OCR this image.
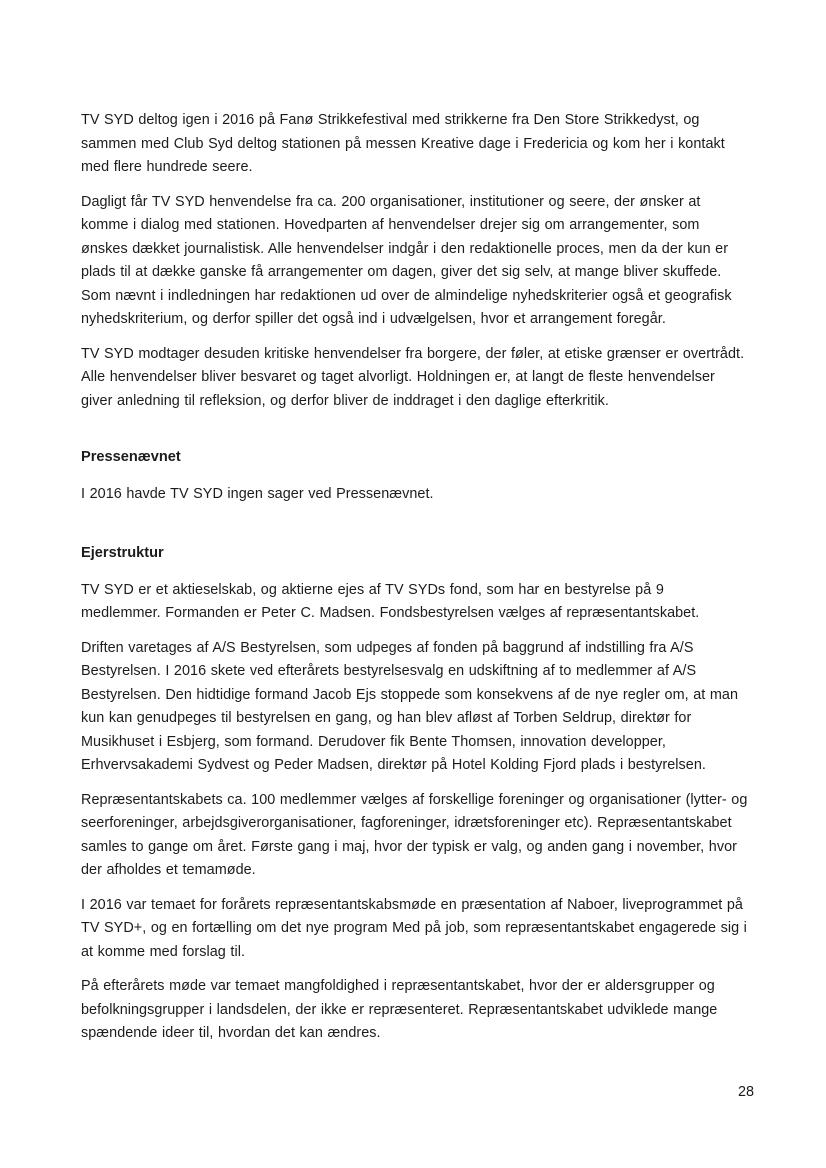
TV SYD deltog igen i 2016 på Fanø Strikkefestival med strikkerne fra Den Store Strikkedyst, og sammen med Club Syd deltog stationen på messen Kreative dage i Fredericia og kom her i kontakt med flere hundrede seere.

Dagligt får TV SYD henvendelse fra ca. 200 organisationer, institutioner og seere, der ønsker at komme i dialog med stationen. Hovedparten af henvendelser drejer sig om arrangementer, som ønskes dækket journalistisk. Alle henvendelser indgår i den redaktionelle proces, men da der kun er plads til at dække ganske få arrangementer om dagen, giver det sig selv, at mange bliver skuffede. Som nævnt i indledningen har redaktionen ud over de almindelige nyhedskriterier også et geografisk nyhedskriterium, og derfor spiller det også ind i udvælgelsen, hvor et arrangement foregår.

TV SYD modtager desuden kritiske henvendelser fra borgere, der føler, at etiske grænser er overtrådt. Alle henvendelser bliver besvaret og taget alvorligt. Holdningen er, at langt de fleste henvendelser giver anledning til refleksion, og derfor bliver de inddraget i den daglige efterkritik.

Pressenævnet

I 2016 havde TV SYD ingen sager ved Pressenævnet.

Ejerstruktur

TV SYD er et aktieselskab, og aktierne ejes af TV SYDs fond, som har en bestyrelse på 9 medlemmer. Formanden er Peter C. Madsen. Fondsbestyrelsen vælges af repræsentantskabet.

Driften varetages af A/S Bestyrelsen, som udpeges af fonden på baggrund af indstilling fra A/S Bestyrelsen. I 2016 skete ved efterårets bestyrelsesvalg en udskiftning af to medlemmer af A/S Bestyrelsen. Den hidtidige formand Jacob Ejs stoppede som konsekvens af de nye regler om, at man kun kan genudpeges til bestyrelsen en gang, og han blev afløst af Torben Seldrup, direktør for Musikhuset i Esbjerg, som formand. Derudover fik Bente Thomsen, innovation developper, Erhvervsakademi Sydvest og Peder Madsen, direktør på Hotel Kolding Fjord plads i bestyrelsen.

Repræsentantskabets ca. 100 medlemmer vælges af forskellige foreninger og organisationer (lytter- og seerforeninger, arbejdsgiverorganisationer, fagforeninger, idrætsforeninger etc). Repræsentantskabet samles to gange om året. Første gang i maj, hvor der typisk er valg, og anden gang i november, hvor der afholdes et temamøde.

I 2016 var temaet for forårets repræsentantskabsmøde en præsentation af Naboer, liveprogrammet på TV SYD+, og en fortælling om det nye program Med på job, som repræsentantskabet engagerede sig i at komme med forslag til.

På efterårets møde var temaet mangfoldighed i repræsentantskabet, hvor der er aldersgrupper og befolkningsgrupper i landsdelen, der ikke er repræsenteret. Repræsentantskabet udviklede mange spændende ideer til, hvordan det kan ændres.

28
